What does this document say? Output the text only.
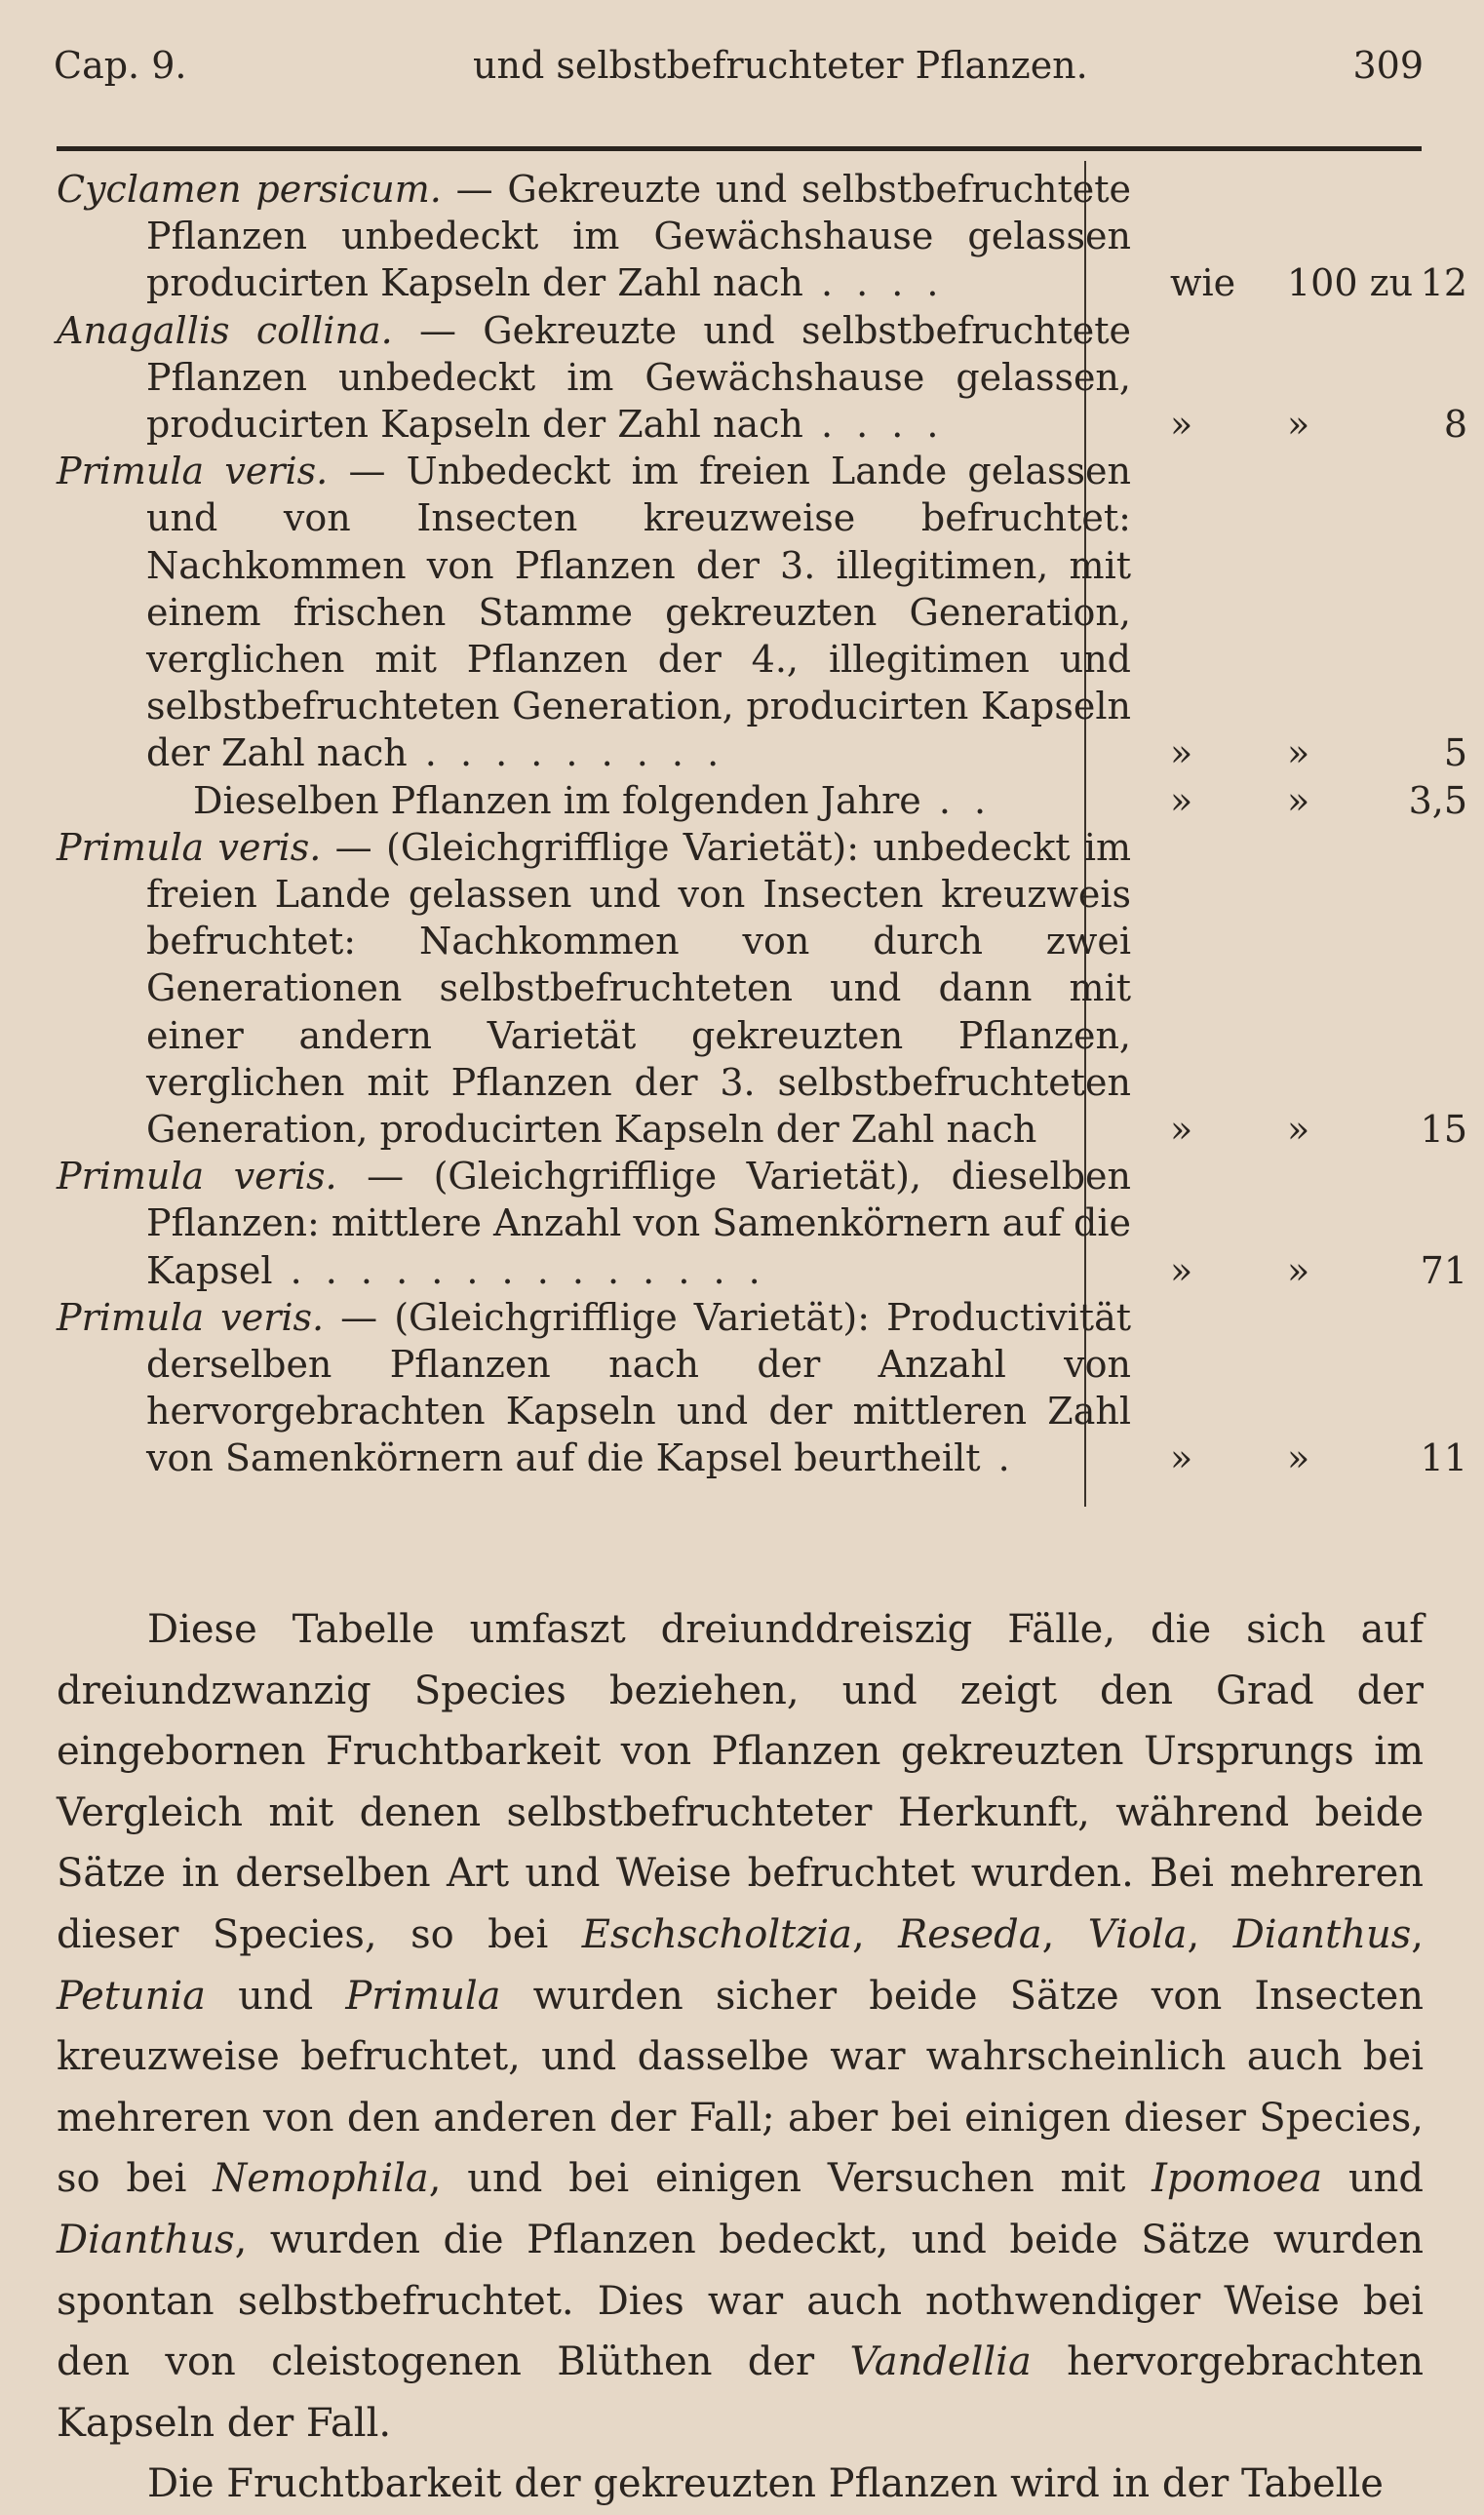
Cap. 9.	und selbstbefruchteter Pflanzen.	309

Cyclamen persicum. — Gekreuzte und selbstbefruchtete Pflanzen unbedeckt im Gewächshause gelassen producirten Kapseln der Zahl nach . . . .	wie 100 zu 12

Anagallis collina. — Gekreuzte und selbstbefruchtete Pflanzen unbedeckt im Gewächshause gelassen, producirten Kapseln der Zahl nach . . . .	»	»	8

Primula veris. — Unbedeckt im freien Lande gelassen und von Insecten kreuzweise befruchtet: Nachkommen von Pflanzen der 3. illegitimen, mit einem frischen Stamme gekreuzten Generation, verglichen mit Pflanzen der 4., illegitimen und selbstbefruchteten Generation, producirten Kapseln der Zahl nach . . . . . . . . .	»	»	5

Dieselben Pflanzen im folgenden Jahre . .	»	»	3,5

Primula veris. — (Gleichgrifflige Varietät): unbedeckt im freien Lande gelassen und von Insecten kreuzweis befruchtet: Nachkommen von durch zwei Generationen selbstbefruchteten und dann mit einer andern Varietät gekreuzten Pflanzen, verglichen mit Pflanzen der 3. selbstbefruchteten Generation, producirten Kapseln der Zahl nach	»	»	15

Primula veris. — (Gleichgrifflige Varietät), dieselben Pflanzen: mittlere Anzahl von Samenkörnern auf die Kapsel . . . . . . . . . . . . . .	»	»	71

Primula veris. — (Gleichgrifflige Varietät): Productivität derselben Pflanzen nach der Anzahl von hervorgebrachten Kapseln und der mittleren Zahl von Samenkörnern auf die Kapsel beurtheilt .	»	»	11

Diese Tabelle umfaszt dreiunddreiszig Fälle, die sich auf dreiundzwanzig Species beziehen, und zeigt den Grad der eingebornen Fruchtbarkeit von Pflanzen gekreuzten Ursprungs im Vergleich mit denen selbstbefruchteter Herkunft, während beide Sätze in derselben Art und Weise befruchtet wurden. Bei mehreren dieser Species, so bei Eschscholtzia, Reseda, Viola, Dianthus, Petunia und Primula wurden sicher beide Sätze von Insecten kreuzweise befruchtet, und dasselbe war wahrscheinlich auch bei mehreren von den anderen der Fall; aber bei einigen dieser Species, so bei Nemophila, und bei einigen Versuchen mit Ipomoea und Dianthus, wurden die Pflanzen bedeckt, und beide Sätze wurden spontan selbstbefruchtet. Dies war auch nothwendiger Weise bei den von cleistogenen Blüthen der Vandellia hervorgebrachten Kapseln der Fall.

Die Fruchtbarkeit der gekreuzten Pflanzen wird in der Tabelle
